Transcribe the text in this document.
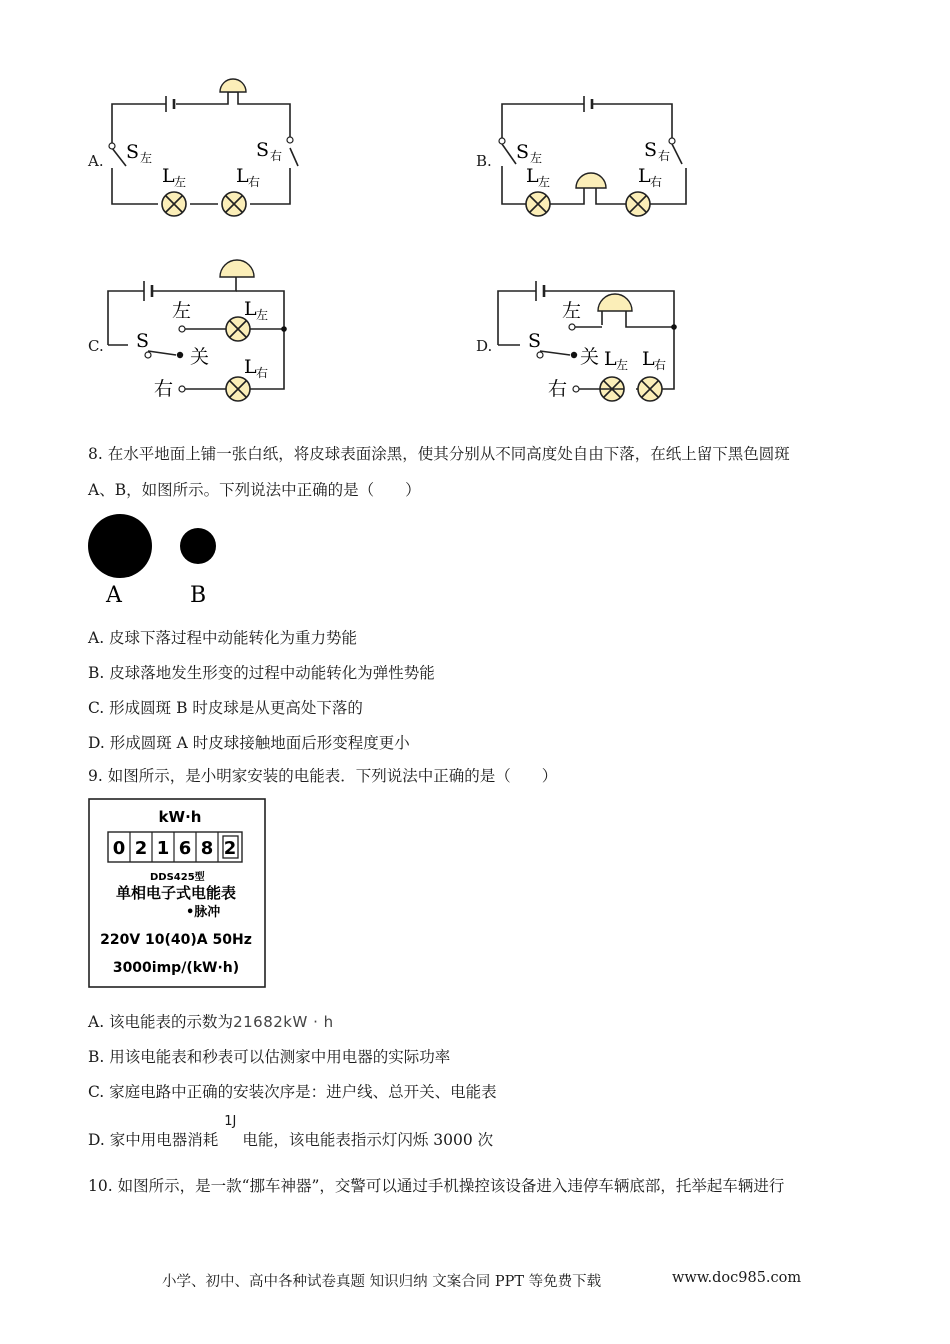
A. S 左	S 右
L 左	L 右
B. S 左	S 右
L 左	L 右
C. S
左
关
右
L 左
L 右
D. S
左
关
右
L 左 L 右
8. 在水平地面上铺一张白纸，将皮球表面涂黑，使其分别从不同高度处自由下落，在纸上留下黑色圆斑
A、B，如图所示。下列说法中正确的是（　　）
A	B
A. 皮球下落过程中动能转化为重力势能
B. 皮球落地发生形变的过程中动能转化为弹性势能
C. 形成圆斑 B 时皮球是从更高处下落的
D. 形成圆斑 A 时皮球接触地面后形变程度更小
9. 如图所示，是小明家安装的电能表．下列说法中正确的是（　　）
kW·h
0 2 1 6 8 2
DDS425型
单相电子式电能表
•脉冲
220V 10(40)A 50Hz
3000imp/(kW·h)
A. 该电能表的示数为21682kW · h
B. 用该电能表和秒表可以估测家中用电器的实际功率
C. 家庭电路中正确的安装次序是：进户线、总开关、电能表
D. 家中用电器消耗$^{1J}$电能，该电能表指示灯闪烁 3000 次
10. 如图所示，是一款“挪车神器”，交警可以通过手机操控该设备进入违停车辆底部，托举起车辆进行
小学、初中、高中各种试卷真题 知识归纳 文案合同 PPT 等免费下载	www.doc985.com
